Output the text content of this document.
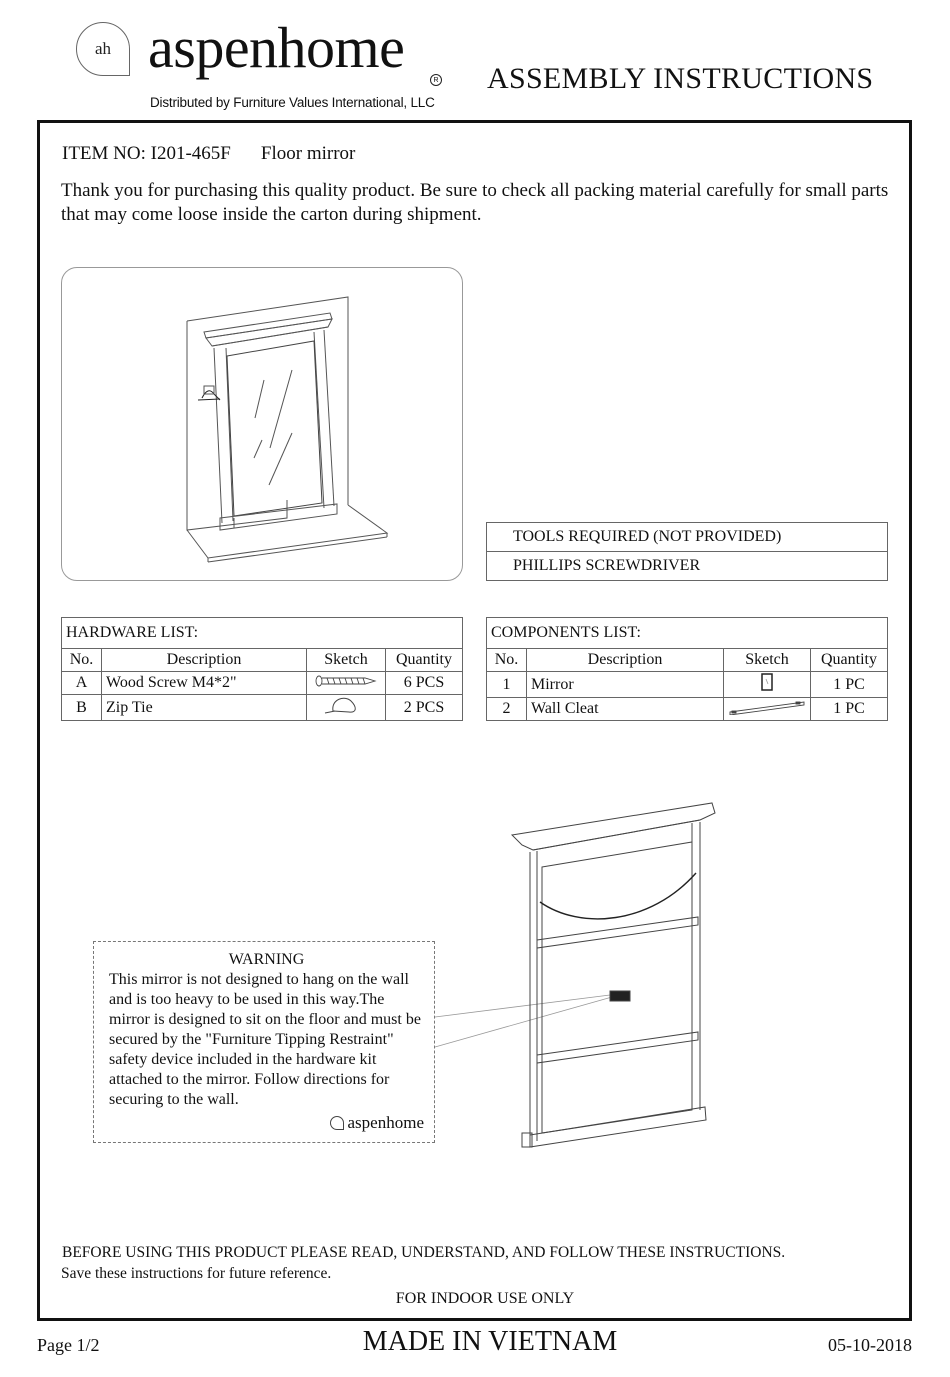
ah aspenhome	R
Distributed by Furniture Values International, LLC
ASSEMBLY INSTRUCTIONS
ITEM NO: I201-465F Floor mirror
Thank you for purchasing this quality product. Be sure to check all packing material carefully for small parts that may come loose inside the carton during shipment.
TOOLS REQUIRED (NOT PROVIDED)
PHILLIPS SCREWDRIVER
HARDWARE LIST:			
No.	Description	Sketch	Quantity
A	Wood Screw M4*2"		6 PCS
B	Zip Tie		2 PCS
COMPONENTS LIST:			
No.	Description	Sketch	Quantity
1	Mirror		1 PC
2	Wall Cleat		1 PC
WARNING
This mirror is not designed to hang on the wall and is too heavy to be used in this way.The mirror is designed to sit on the floor and must be secured by the "Furniture Tipping Restraint" safety device included in the hardware kit attached to the mirror. Follow directions for securing to the wall.
aspenhome
BEFORE USING THIS PRODUCT PLEASE READ, UNDERSTAND, AND FOLLOW THESE INSTRUCTIONS.
Save these instructions for future reference.
FOR INDOOR USE ONLY
Page 1/2	MADE IN VIETNAM	05-10-2018
